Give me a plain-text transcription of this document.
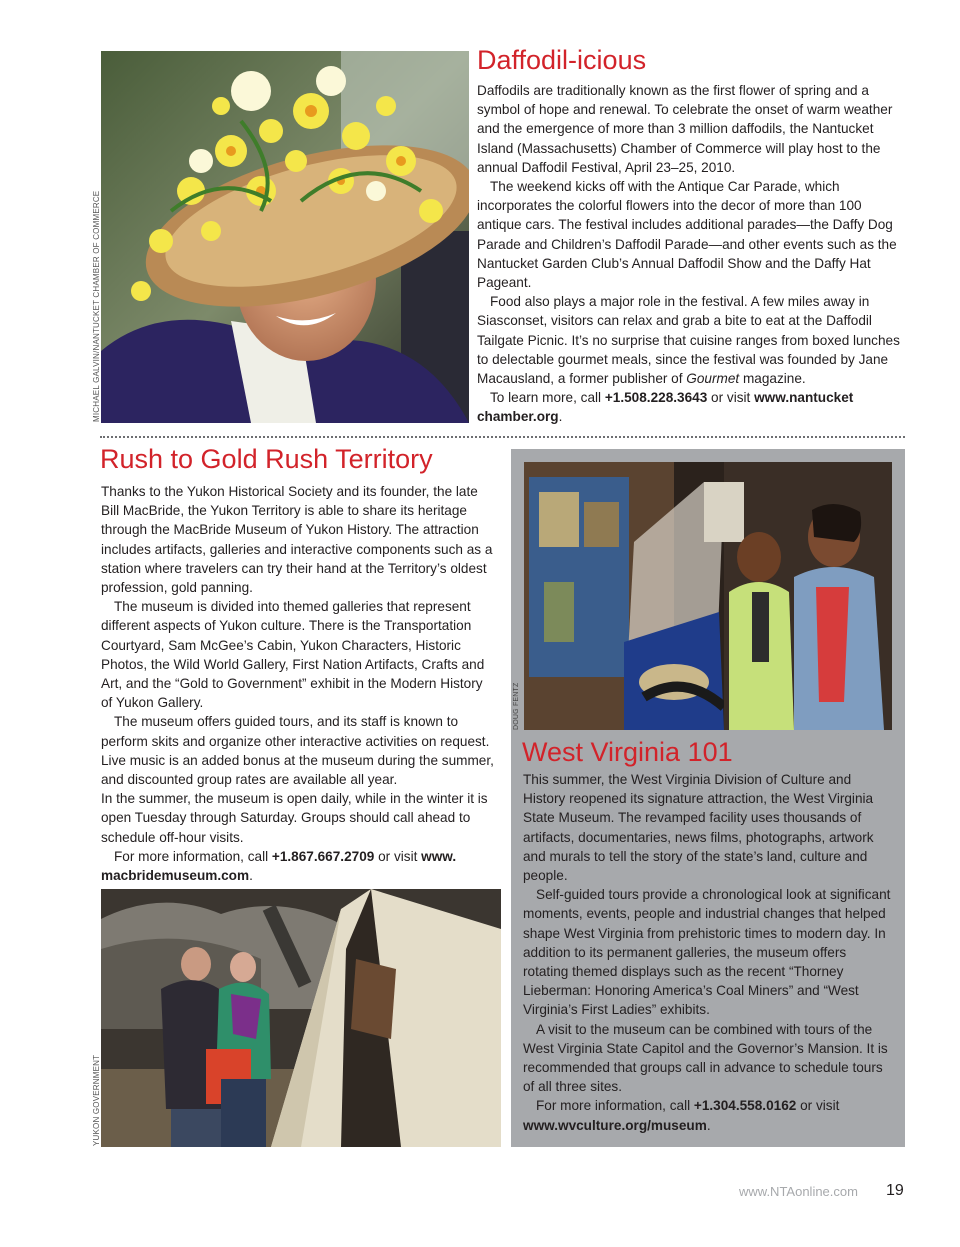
MICHAEL GALVIN/NANTUCKET CHAMBER OF COMMERCE
Daffodil-icious

Daffodils are traditionally known as the first flower of spring and a symbol of hope and renewal. To celebrate the onset of warm weather and the emergence of more than 3 million daffodils, the Nantucket Island (Massachusetts) Chamber of Commerce will play host to the annual Daffodil Festival, April 23–25, 2010.

The weekend kicks off with the Antique Car Parade, which incorporates the colorful flowers into the decor of more than 100 antique cars. The festival includes additional parades—the Daffy Dog Parade and Children’s Daffodil Parade—and other events such as the Nantucket Garden Club’s Annual Daffodil Show and the Daffy Hat Pageant.

Food also plays a major role in the festival. A few miles away in Siasconset, visitors can relax and grab a bite to eat at the Daffodil Tailgate Picnic. It’s no surprise that cuisine ranges from boxed lunches to delectable gourmet meals, since the festival was founded by Jane Macausland, a former publisher of Gourmet magazine.

To learn more, call +1.508.228.3643 or visit www.nantucket chamber.org.

Rush to Gold Rush Territory

Thanks to the Yukon Historical Society and its founder, the late Bill MacBride, the Yukon Territory is able to share its heritage through the MacBride Museum of Yukon History. The attraction includes artifacts, galleries and interactive components such as a station where travelers can try their hand at the Territory’s oldest profession, gold panning.

The museum is divided into themed galleries that represent different aspects of Yukon culture. There is the Transportation Courtyard, Sam McGee’s Cabin, Yukon Characters, Historic Photos, the Wild World Gallery, First Nation Artifacts, Crafts and Art, and the “Gold to Government” exhibit in the Modern History of Yukon Gallery.

The museum offers guided tours, and its staff is known to perform skits and organize other interactive activities on request. Live music is an added bonus at the museum during the summer, and discounted group rates are available all year.

In the summer, the museum is open daily, while in the winter it is open Tuesday through Saturday. Groups should call ahead to schedule off-hour visits.

For more information, call +1.867.667.2709 or visit www. macbridemuseum.com.

YUKON GOVERNMENT
DOUG FENTZ
West Virginia 101

This summer, the West Virginia Division of Culture and History reopened its signature attraction, the West Virginia State Museum. The revamped facility uses thousands of artifacts, documentaries, news films, photographs, artwork and murals to tell the story of the state’s land, culture and people.

Self-guided tours provide a chronological look at significant moments, events, people and industrial changes that helped shape West Virginia from prehistoric times to modern day. In addition to its permanent galleries, the museum offers rotating themed displays such as the recent “Thorney Lieberman: Honoring America’s Coal Miners” and “West Virginia’s First Ladies” exhibits.

A visit to the museum can be combined with tours of the West Virginia State Capitol and the Governor’s Mansion. It is recommended that groups call in advance to schedule tours of all three sites.

For more information, call +1.304.558.0162 or visit www.wvculture.org/museum.

www.NTAonline.com 19
